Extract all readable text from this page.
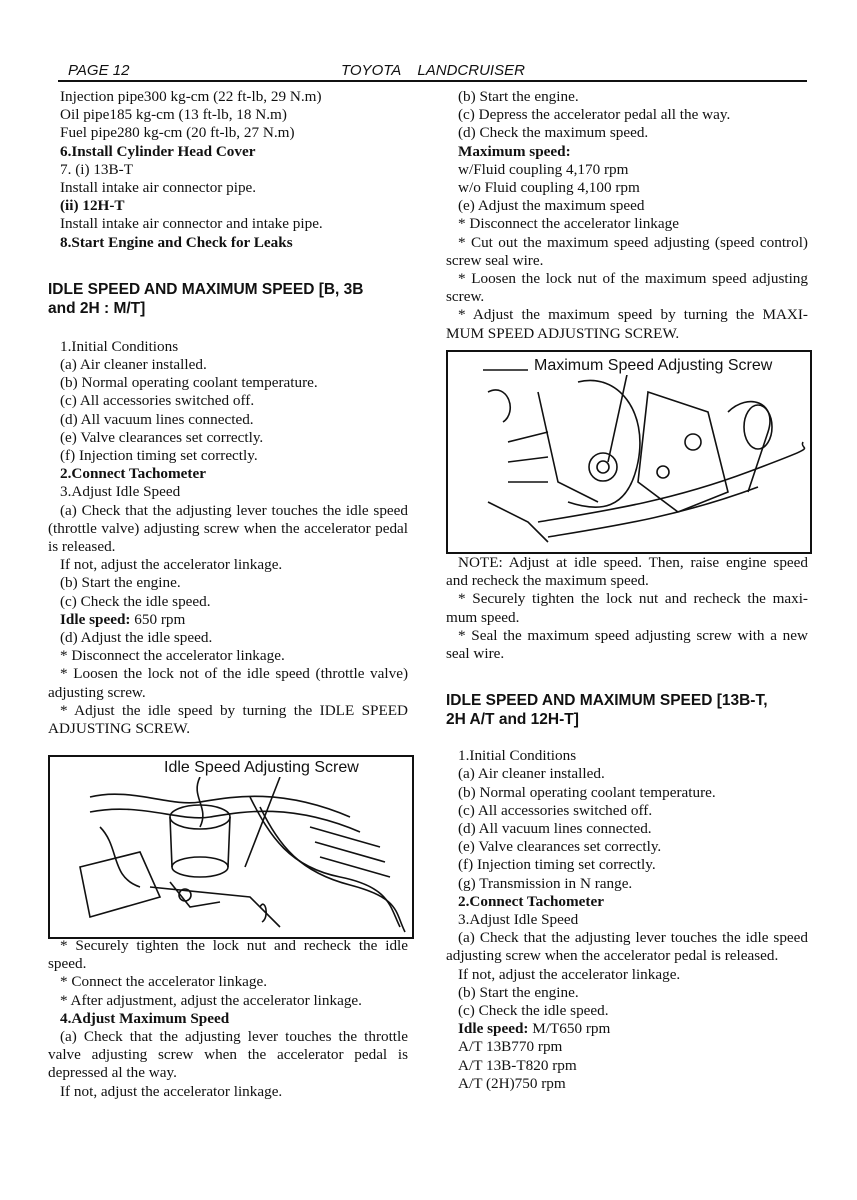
PAGE 12	TOYOTA    LANDCRUISER

Injection pipe300 kg-cm (22 ft-lb, 29 N.m)

Oil pipe185 kg-cm (13 ft-lb, 18 N.m)

Fuel pipe280 kg-cm (20 ft-lb, 27 N.m)

6.Install Cylinder Head Cover

7. (i) 13B-T

Install intake air connector pipe.

(ii) 12H-T

Install intake air connector and intake pipe.

8.Start Engine and Check for Leaks

IDLE SPEED AND MAXIMUM SPEED [B, 3B and 2H : M/T]

1.Initial Conditions

(a) Air cleaner installed.

(b) Normal operating coolant temperature.

(c) All accessories switched off.

(d) All vacuum lines connected.

(e) Valve clearances set correctly.

(f) Injection timing set correctly.

2.Connect Tachometer

3.Adjust Idle Speed

(a) Check that the adjusting lever touches the idle speed (throttle valve) adjusting screw when the accelerator pedal is released.

If not, adjust the accelerator linkage.

(b) Start the engine.

(c) Check the idle speed.

Idle speed: 650 rpm

(d) Adjust the idle speed.

* Disconnect the accelerator linkage.

* Loosen the lock not of the idle speed (throttle valve) adjusting screw.

* Adjust the idle speed by turning the IDLE SPEED ADJUSTING SCREW.

Idle Speed Adjusting Screw

* Securely tighten the lock nut and recheck the idle speed.

* Connect the accelerator linkage.

* After adjustment, adjust the accelerator linkage.

4.Adjust Maximum Speed

(a) Check that the adjusting lever touches the throttle valve adjusting screw when the accelerator pedal is depressed al the way.

If not, adjust the accelerator linkage.

(b) Start the engine.

(c) Depress the accelerator pedal all the way.

(d) Check the maximum speed.

Maximum speed:

w/Fluid coupling 4,170 rpm

w/o Fluid coupling 4,100 rpm

(e) Adjust the maximum speed

* Disconnect the accelerator linkage

* Cut out the maximum speed adjusting (speed control) screw seal wire.

* Loosen the lock nut of the maximum speed adjusting screw.

* Adjust the maximum speed by turning the MAXI-MUM SPEED ADJUSTING SCREW.

Maximum Speed Adjusting Screw

NOTE: Adjust at idle speed. Then, raise engine speed and recheck the maximum speed.

* Securely tighten the lock nut and recheck the maxi-mum speed.

* Seal the maximum speed adjusting screw with a new seal wire.

IDLE SPEED AND MAXIMUM SPEED [13B-T, 2H A/T and 12H-T]

1.Initial Conditions

(a) Air cleaner installed.

(b) Normal operating coolant temperature.

(c) All accessories switched off.

(d) All vacuum lines connected.

(e) Valve clearances set correctly.

(f) Injection timing set correctly.

(g) Transmission in N range.

2.Connect Tachometer

3.Adjust Idle Speed

(a) Check that the adjusting lever touches the idle speed adjusting screw when the accelerator pedal is released.

If not, adjust the accelerator linkage.

(b) Start the engine.

(c) Check the idle speed.

Idle speed: M/T650 rpm

A/T 13B770 rpm

A/T 13B-T820 rpm

A/T (2H)750 rpm
